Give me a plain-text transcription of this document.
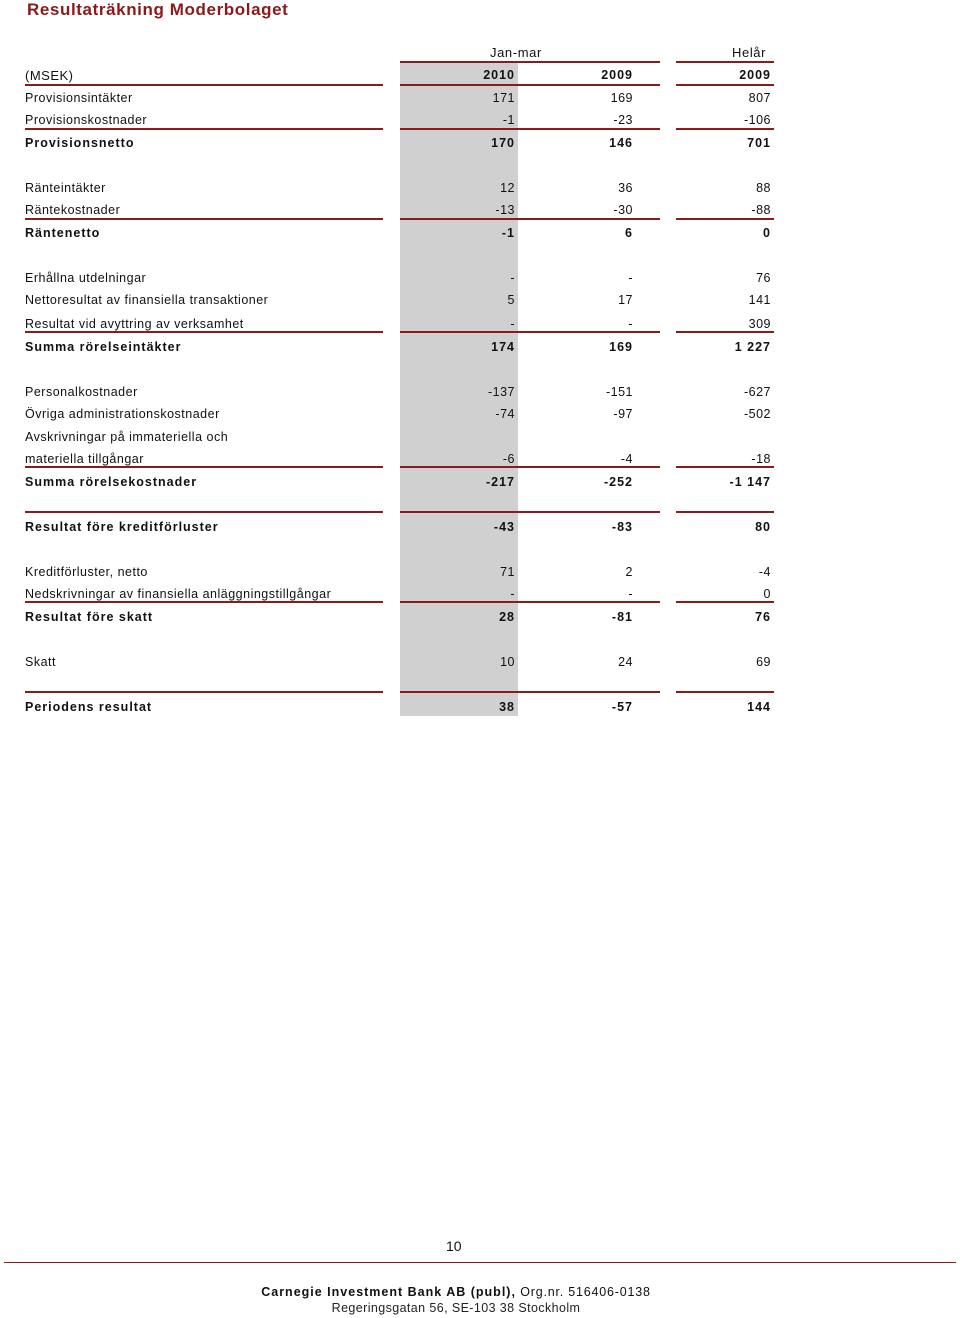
Resultaträkning Moderbolaget
Jan-mar	Helår
(MSEK)	2010	2009	2009
Provisionsintäkter	171	169	807
Provisionskostnader	-1	-23	-106
Provisionsnetto	170	146	701
Ränteintäkter	12	36	88
Räntekostnader	-13	-30	-88
Räntenetto	-1	6	0
Erhållna utdelningar	-	-	76
Nettoresultat av finansiella transaktioner	5	17	141
Resultat vid avyttring av verksamhet	-	-	309
Summa rörelseintäkter	174	169	1 227
Personalkostnader	-137	-151	-627
Övriga administrationskostnader	-74	-97	-502
Avskrivningar på immateriella och
materiella tillgångar	-6	-4	-18
Summa rörelsekostnader	-217	-252	-1 147
Resultat före kreditförluster	-43	-83	80
Kreditförluster, netto	71	2	-4
Nedskrivningar av finansiella anläggningstillgångar	-	-	0
Resultat före skatt	28	-81	76
Skatt	10	24	69
Periodens resultat	38	-57	144
10
Carnegie Investment Bank AB (publ), Org.nr. 516406-0138
Regeringsgatan 56, SE-103 38 Stockholm
